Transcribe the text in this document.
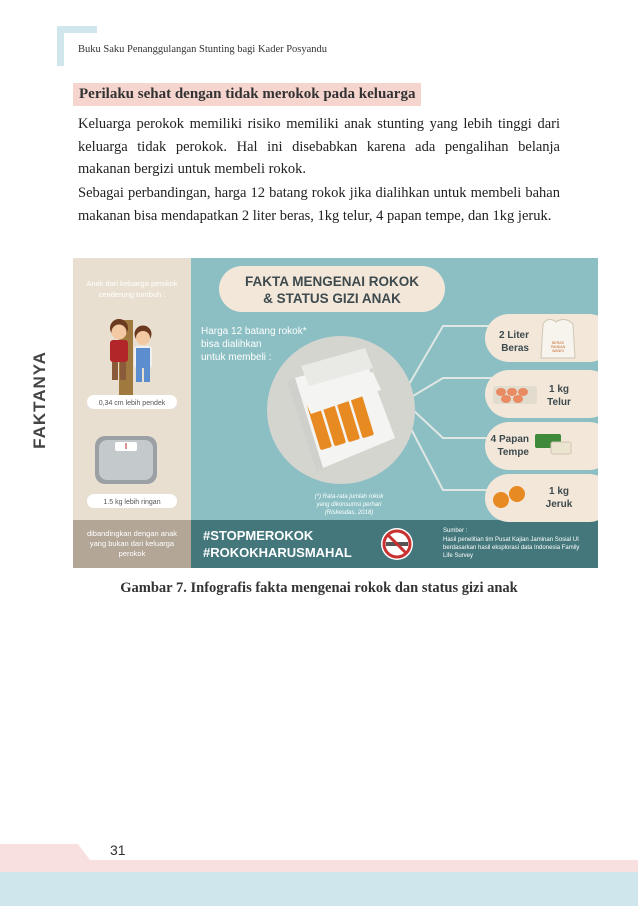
Buku Saku Penanggulangan Stunting bagi Kader Posyandu
FAKTANYA
Perilaku sehat dengan tidak merokok pada keluarga
Keluarga perokok memiliki risiko memiliki anak stunting yang lebih tinggi dari keluarga tidak perokok. Hal ini disebabkan karena ada pengalihan belanja makanan bergizi untuk membeli rokok.
Sebagai perbandingan, harga 12 batang rokok jika dialihkan untuk membeli bahan makanan bisa mendapatkan 2 liter beras, 1kg telur, 4 papan tempe, dan 1kg jeruk.
Anak dari keluarga perokok
cenderung tumbuh :
0,34 cm lebih pendek
1.5 kg lebih ringan
dibandingkan dengan anak
yang bukan dari keluarga
perokok
FAKTA MENGENAI ROKOK
& STATUS GIZI ANAK
Harga 12 batang rokok*
bisa dialihkan
untuk membeli :
(*) Rata-rata jumlah rokok
yang dikonsumsi perhari
(Riskesdas, 2018)
2 Liter
Beras	BERAS
PANDAN
WANGI
1 kg
Telur
4 Papan
Tempe
1 kg
Jeruk
#STOPMEROKOK
#ROKOKHARUSMAHAL
Sumber :
Hasil penelitian tim Pusat Kajian Jaminan Sosial UI
berdasarkan hasil eksplorasi data Indonesia Family
Life Survey
Gambar 7. Infografis fakta mengenai rokok dan status gizi anak
31
